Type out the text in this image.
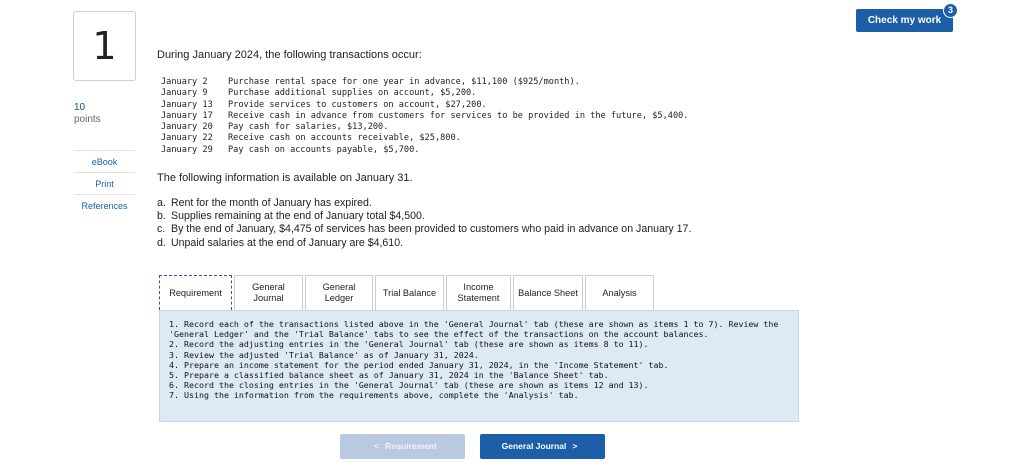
1
10
points
eBook
Print
References
Check my work
3
During January 2024, the following transactions occur:
January 2	Purchase rental space for one year in advance, $11,100 ($925/month).
January 9	Purchase additional supplies on account, $5,200.
January 13	Provide services to customers on account, $27,200.
January 17	Receive cash in advance from customers for services to be provided in the future, $5,400.
January 20	Pay cash for salaries, $13,200.
January 22	Receive cash on accounts receivable, $25,800.
January 29	Pay cash on accounts payable, $5,700.
The following information is available on January 31.
a. Rent for the month of January has expired.
b. Supplies remaining at the end of January total $4,500.
c. By the end of January, $4,475 of services has been provided to customers who paid in advance on January 17.
d. Unpaid salaries at the end of January are $4,610.
Requirement
General
Journal
General
Ledger
Trial Balance
Income
Statement
Balance Sheet	Analysis
1. Record each of the transactions listed above in the 'General Journal' tab (these are shown as items 1 to 7). Review the
'General Ledger' and the 'Trial Balance' tabs to see the effect of the transactions on the account balances.
2. Record the adjusting entries in the 'General Journal' tab (these are shown as items 8 to 11).
3. Review the adjusted 'Trial Balance' as of January 31, 2024.
4. Prepare an income statement for the period ended January 31, 2024, in the 'Income Statement' tab.
5. Prepare a classified balance sheet as of January 31, 2024 in the 'Balance Sheet' tab.
6. Record the closing entries in the 'General Journal' tab (these are shown as items 12 and 13).
7. Using the information from the requirements above, complete the 'Analysis' tab.
< Requirement	General Journal >
